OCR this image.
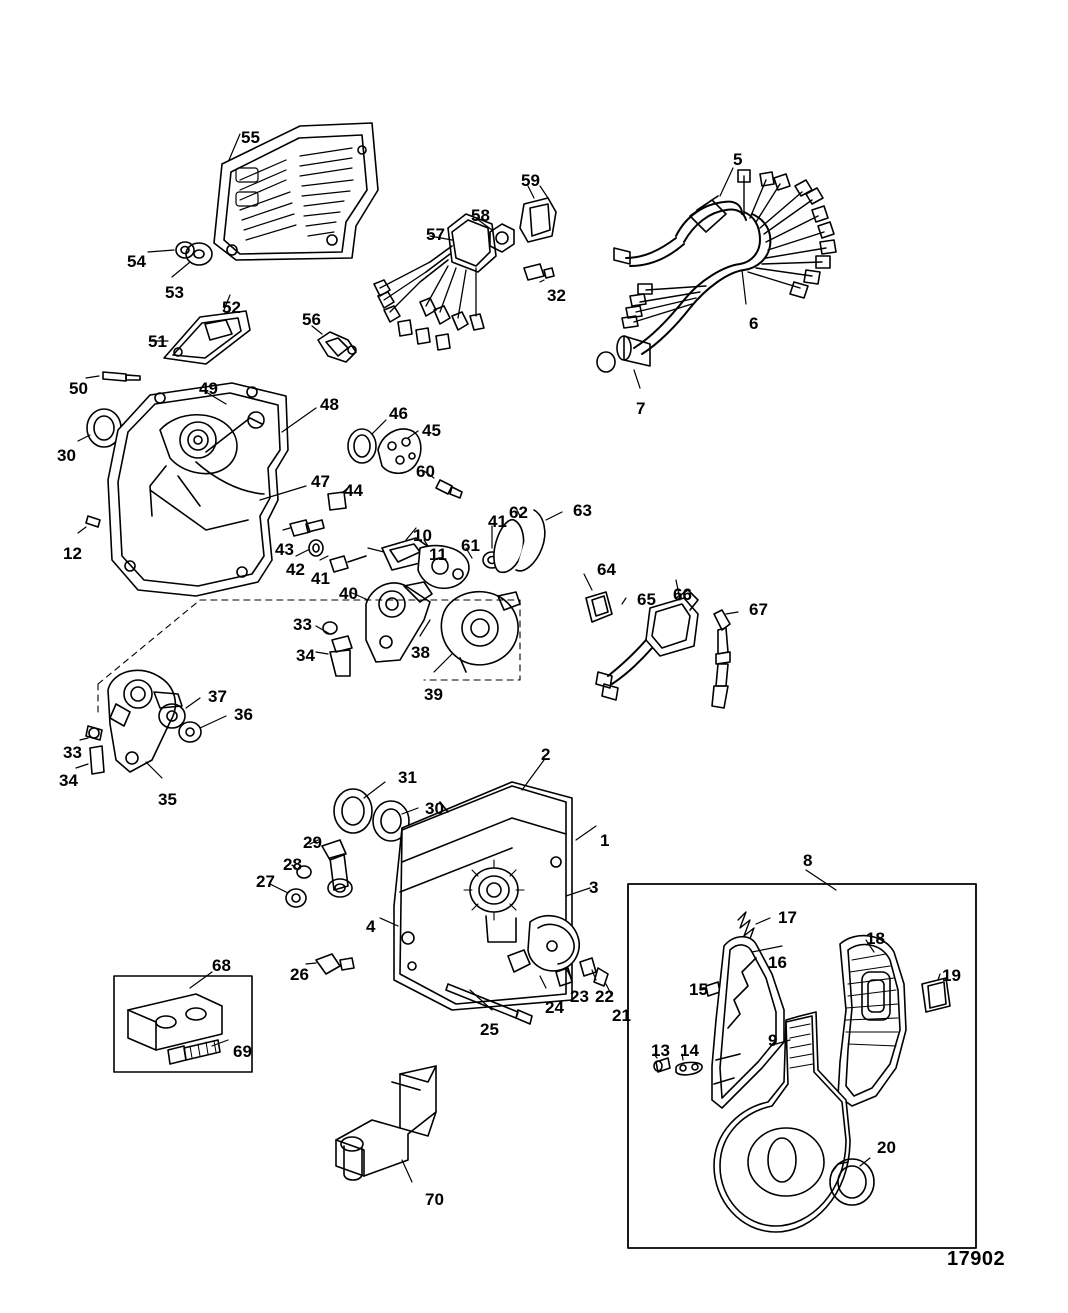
1
2
3
4
5
6
7
8
9
10
11
12
13 14
15
16
17
18
19
20
21
22
23
24
25
26
27
28
29
30
31
32
33
34
35
36
37
38
39
40
41
42
43
44
45
46
47
48
49
50
51
52
53
54
55
56
57
58
59
60
61
62	63
64
65 66
67
68
69
70
30
33
34
41
17902
